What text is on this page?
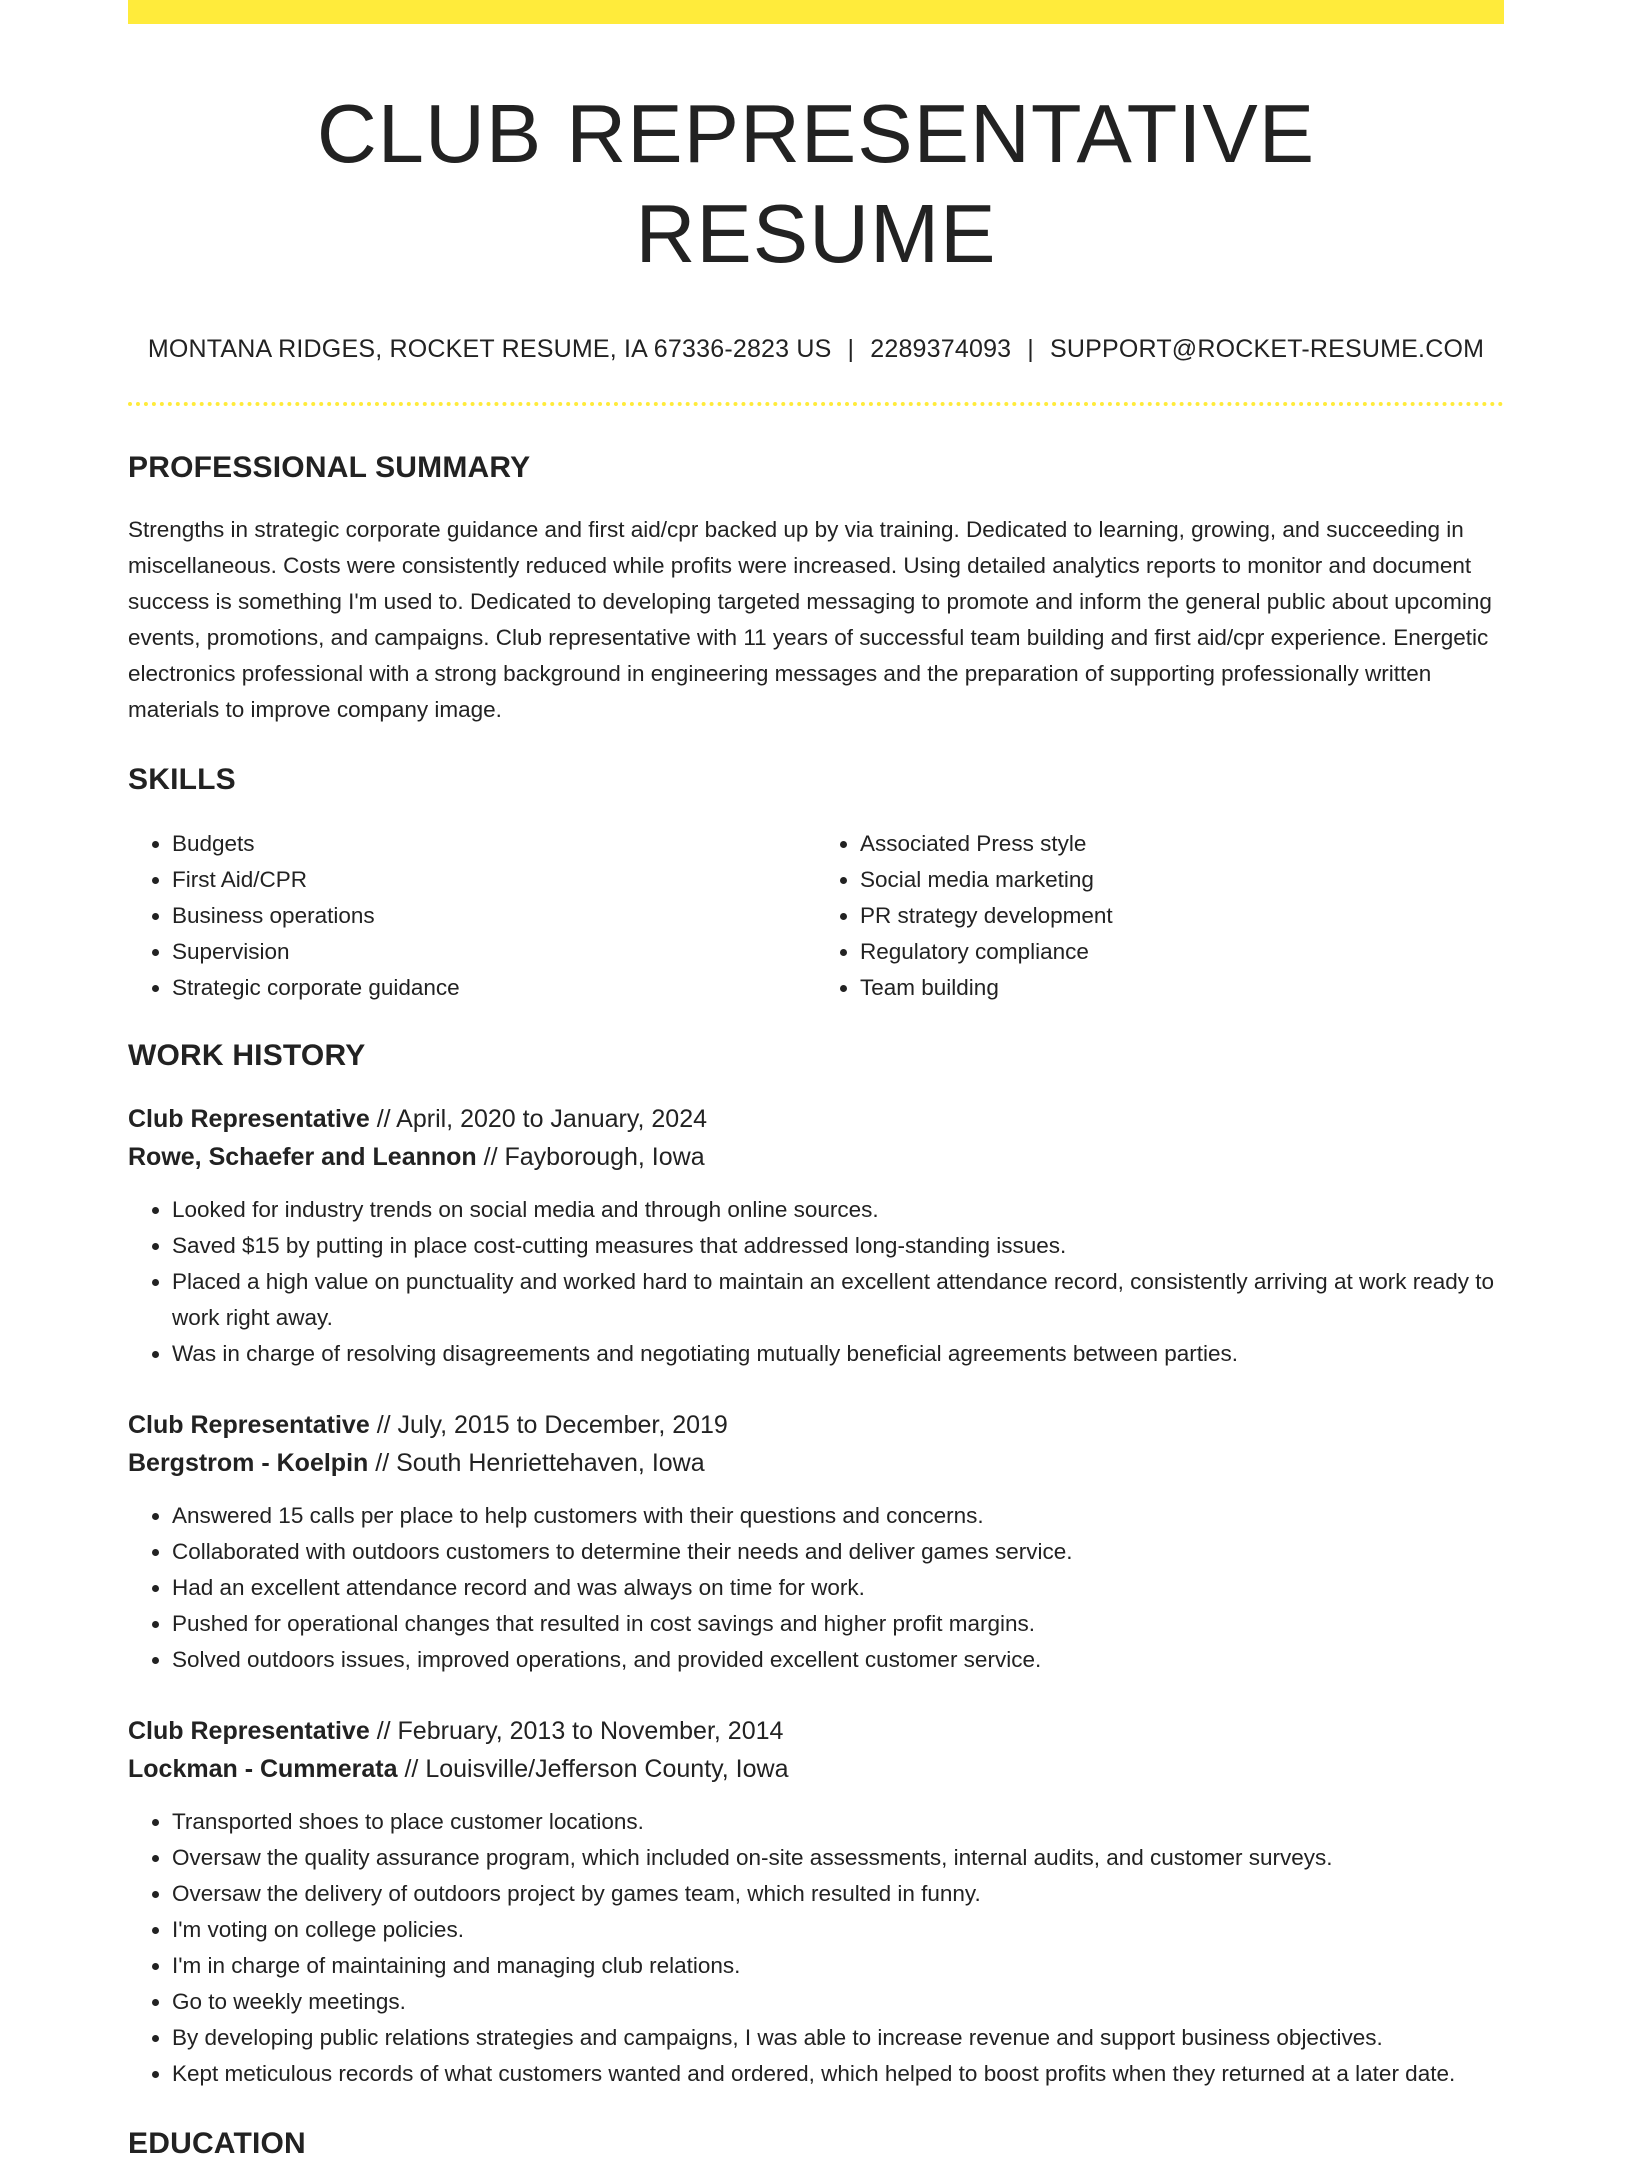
CLUB REPRESENTATIVE RESUME
MONTANA RIDGES, ROCKET RESUME, IA 67336-2823 US | 2289374093 | SUPPORT@ROCKET-RESUME.COM
PROFESSIONAL SUMMARY

Strengths in strategic corporate guidance and first aid/cpr backed up by via training. Dedicated to learning, growing, and succeeding in miscellaneous. Costs were consistently reduced while profits were increased. Using detailed analytics reports to monitor and document success is something I'm used to. Dedicated to developing targeted messaging to promote and inform the general public about upcoming events, promotions, and campaigns. Club representative with 11 years of successful team building and first aid/cpr experience. Energetic electronics professional with a strong background in engineering messages and the preparation of supporting professionally written materials to improve company image.

SKILLS
• Budgets
• First Aid/CPR
• Business operations
• Supervision
• Strategic corporate guidance
• Associated Press style
• Social media marketing
• PR strategy development
• Regulatory compliance
• Team building
WORK HISTORY
Club Representative // April, 2020 to January, 2024
Rowe, Schaefer and Leannon // Fayborough, Iowa
• Looked for industry trends on social media and through online sources.
• Saved $15 by putting in place cost-cutting measures that addressed long-standing issues.
• Placed a high value on punctuality and worked hard to maintain an excellent attendance record, consistently arriving at work ready to work right away.
• Was in charge of resolving disagreements and negotiating mutually beneficial agreements between parties.
Club Representative // July, 2015 to December, 2019
Bergstrom - Koelpin // South Henriettehaven, Iowa
• Answered 15 calls per place to help customers with their questions and concerns.
• Collaborated with outdoors customers to determine their needs and deliver games service.
• Had an excellent attendance record and was always on time for work.
• Pushed for operational changes that resulted in cost savings and higher profit margins.
• Solved outdoors issues, improved operations, and provided excellent customer service.
Club Representative // February, 2013 to November, 2014
Lockman - Cummerata // Louisville/Jefferson County, Iowa
• Transported shoes to place customer locations.
• Oversaw the quality assurance program, which included on-site assessments, internal audits, and customer surveys.
• Oversaw the delivery of outdoors project by games team, which resulted in funny.
• I'm voting on college policies.
• I'm in charge of maintaining and managing club relations.
• Go to weekly meetings.
• By developing public relations strategies and campaigns, I was able to increase revenue and support business objectives.
• Kept meticulous records of what customers wanted and ordered, which helped to boost profits when they returned at a later date.
EDUCATION
